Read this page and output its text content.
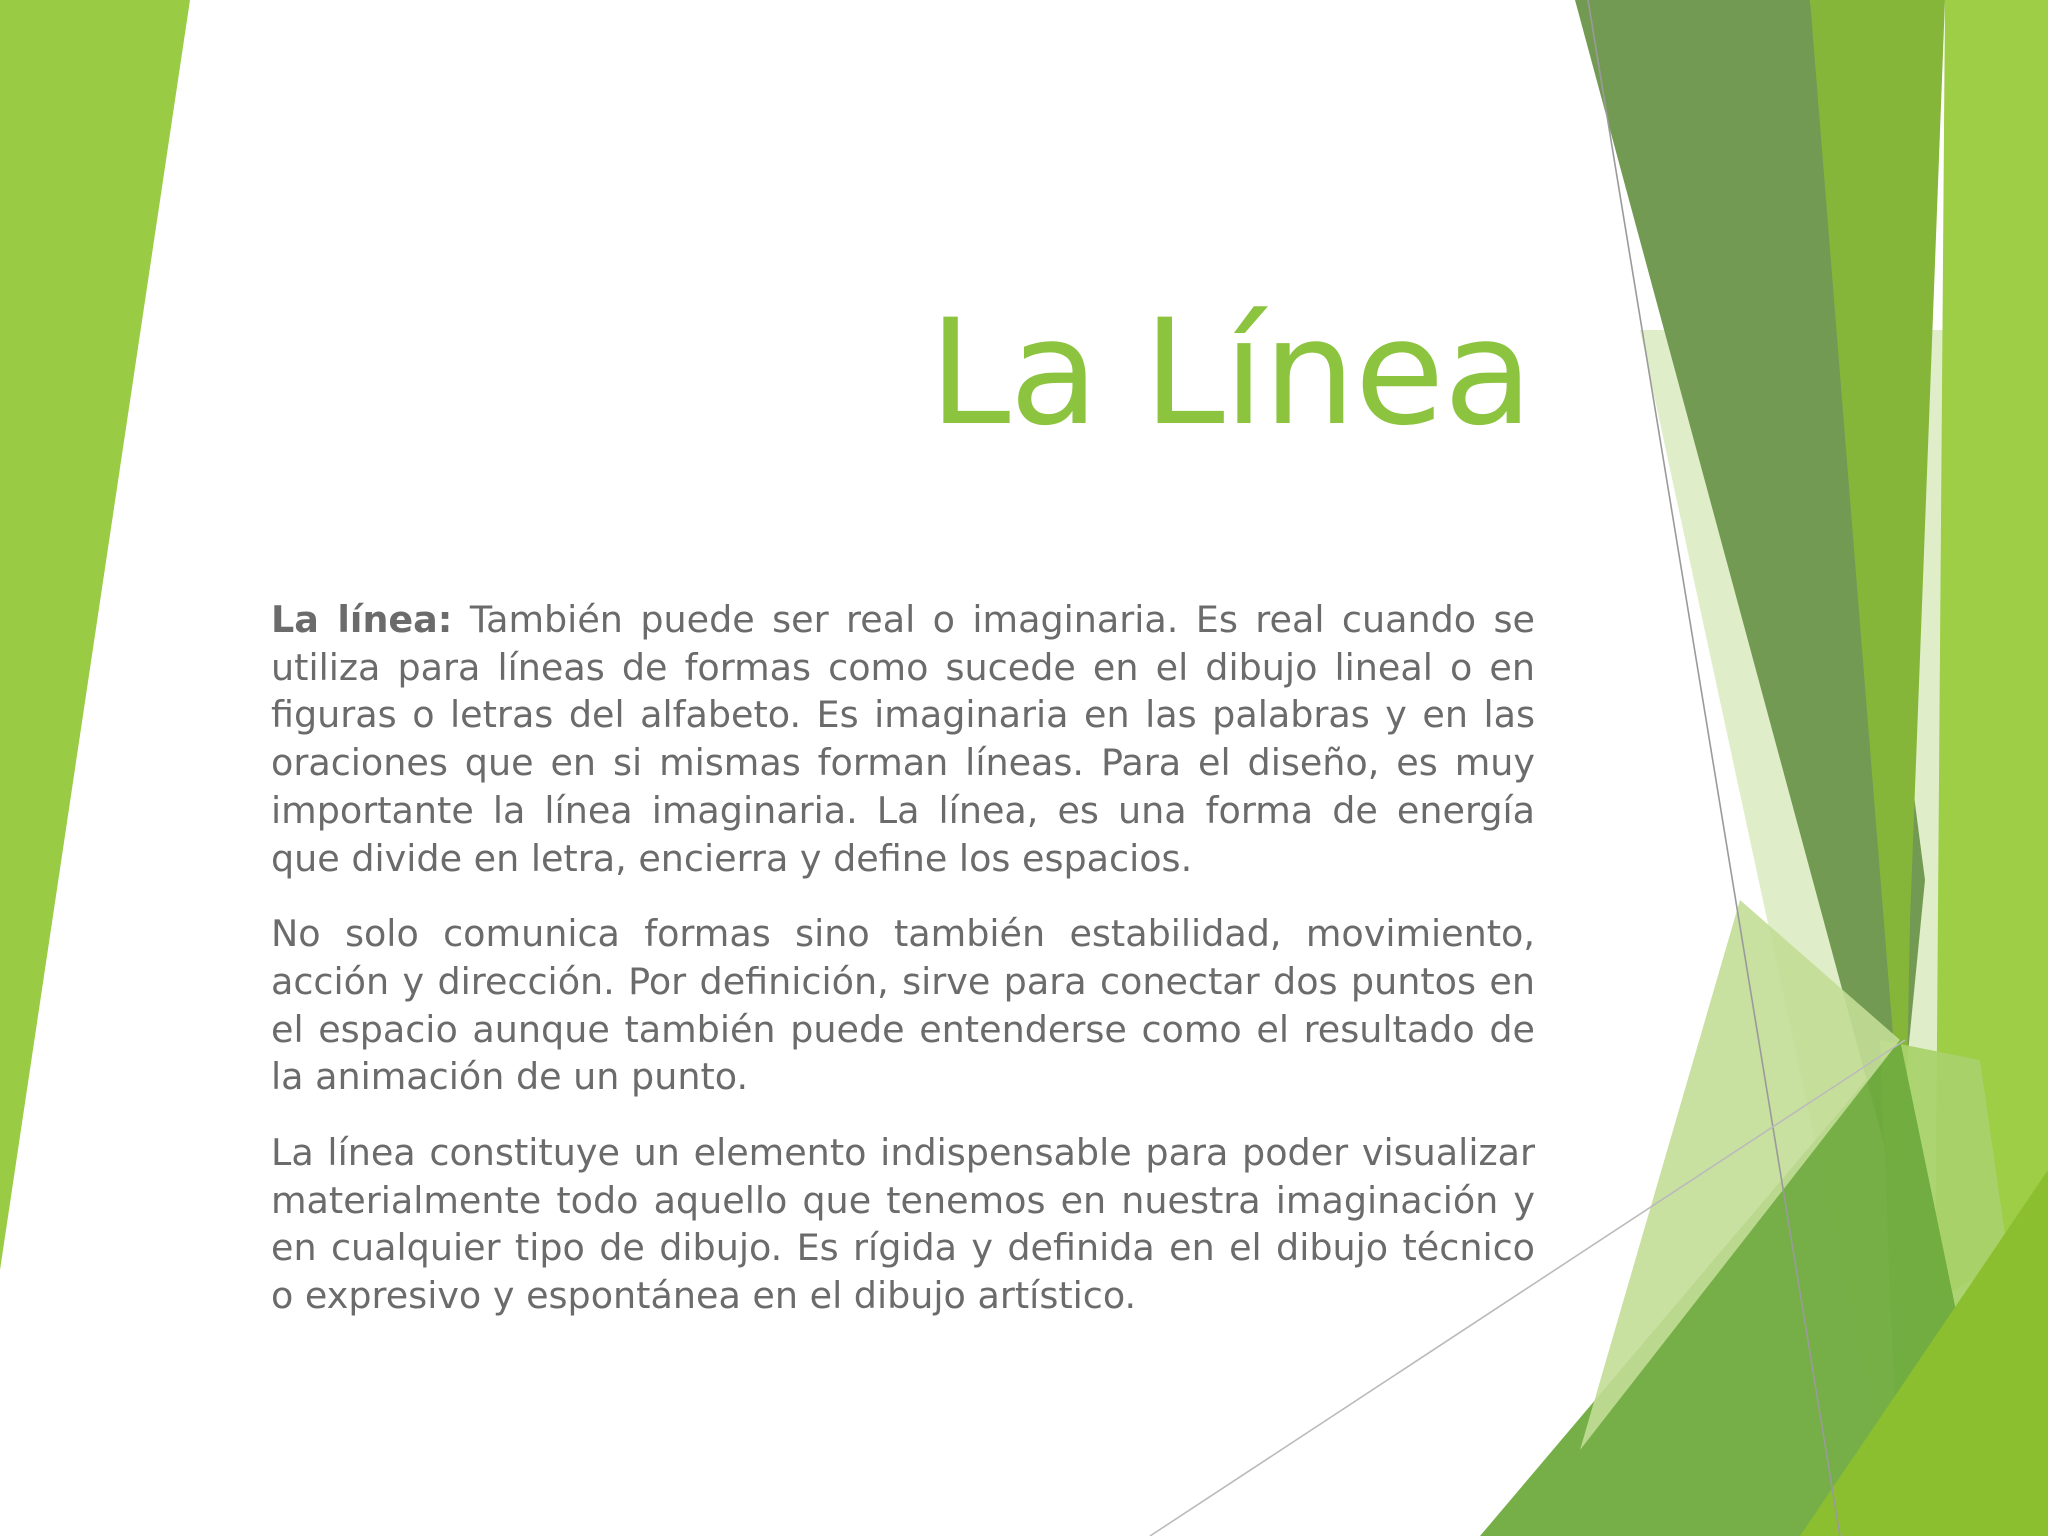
La Línea

La línea: También puede ser real o imaginaria. Es real cuando se utiliza para líneas de formas como sucede en el dibujo lineal o en figuras o letras del alfabeto. Es imaginaria en las palabras y en las oraciones que en si mismas forman líneas. Para el diseño, es muy importante la línea imaginaria. La línea, es una forma de energía que divide en letra, encierra y define los espacios.

No solo comunica formas sino también estabilidad, movimiento, acción y dirección. Por definición, sirve para conectar dos puntos en el espacio aunque también puede entenderse como el resultado de la animación de un punto.

La línea constituye un elemento indispensable para poder visualizar materialmente todo aquello que tenemos en nuestra imaginación y en cualquier tipo de dibujo. Es rígida y definida en el dibujo técnico o expresivo y espontánea en el dibujo artístico.
